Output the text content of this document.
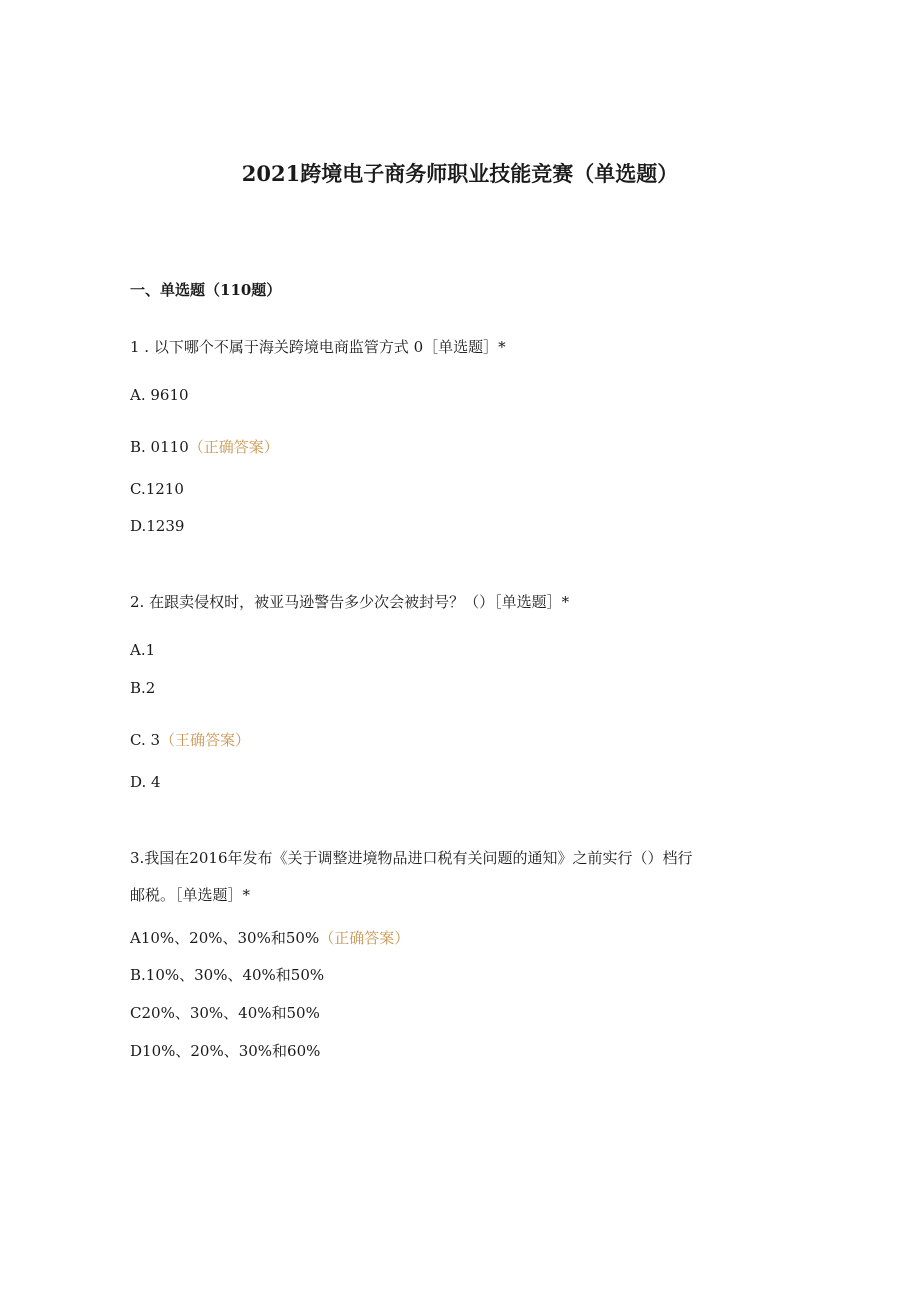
2021跨境电子商务师职业技能竞赛（单选题）
一、单选题（110题）
1 . 以下哪个不属于海关跨境电商监管方式 0［单选题］*
A. 9610
B. 0110（正确答案）
C.1210
D.1239
2. 在跟卖侵权时，被亚马逊警告多少次会被封号？（）［单选题］*
A.1
B.2
C. 3（王确答案）
D. 4
3.我国在2016年发布《关于调整进境物品进口税有关问题的通知》之前实行（）档行
邮税。［单选题］*
A10%、20%、30%和50%（正确答案）
B.10%、30%、40%和50%
C20%、30%、40%和50%
D10%、20%、30%和60%
